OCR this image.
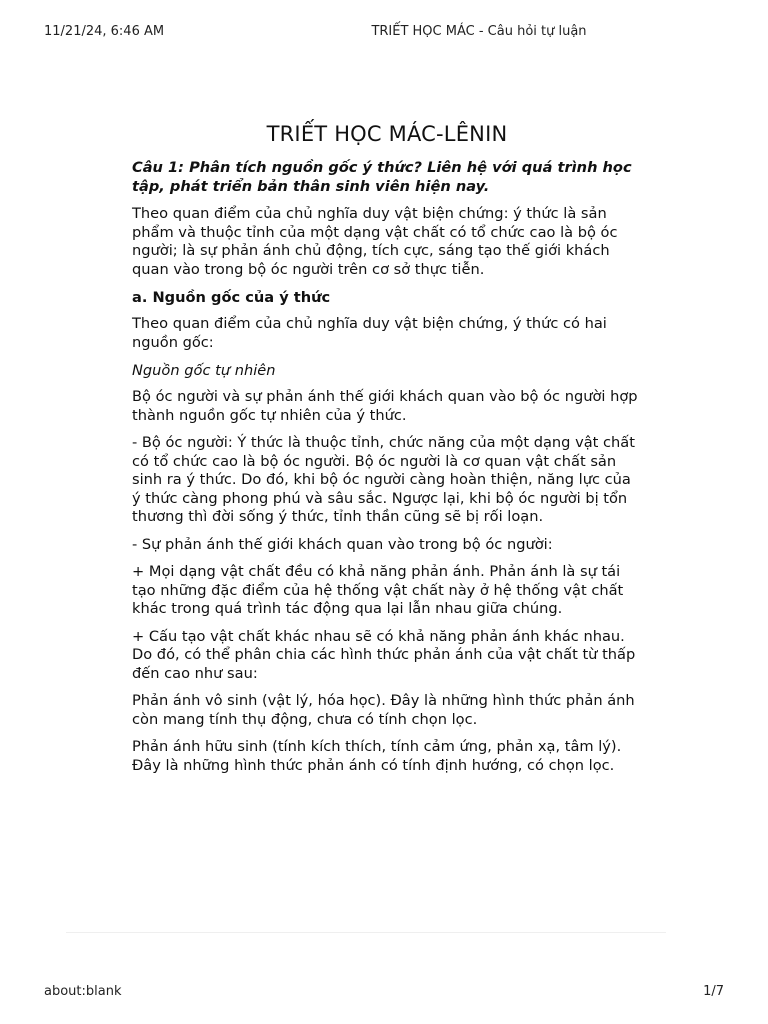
11/21/24, 6:46 AM	TRIẾT HỌC MÁC - Câu hỏi tự luận
TRIẾT HỌC MÁC-LÊNIN
Câu 1: Phân tích nguồn gốc ý thức? Liên hệ với quá trình học tập, phát triển bản thân sinh viên hiện nay.

Theo quan điểm của chủ nghĩa duy vật biện chứng: ý thức là sản phẩm và thuộc tỉnh của một dạng vật chất có tổ chức cao là bộ óc người; là sự phản ánh chủ động, tích cực, sáng tạo thế giới khách quan vào trong bộ óc người trên cơ sở thực tiễn.

a. Nguồn gốc của ý thức

Theo quan điểm của chủ nghĩa duy vật biện chứng, ý thức có hai nguồn gốc:

Nguồn gốc tự nhiên

Bộ óc người và sự phản ánh thế giới khách quan vào bộ óc người hợp thành nguồn gốc tự nhiên của ý thức.

- Bộ óc người: Ý thức là thuộc tỉnh, chức năng của một dạng vật chất có tổ chức cao là bộ óc người. Bộ óc người là cơ quan vật chất sản sinh ra ý thức. Do đó, khi bộ óc người càng hoàn thiện, năng lực của ý thức càng phong phú và sâu sắc. Ngược lại, khi bộ óc người bị tổn thương thì đời sống ý thức, tỉnh thần cũng sẽ bị rối loạn.

- Sự phản ánh thế giới khách quan vào trong bộ óc người:

+ Mọi dạng vật chất đều có khả năng phản ánh. Phản ánh là sự tái tạo những đặc điểm của hệ thống vật chất này ở hệ thống vật chất khác trong quá trình tác động qua lại lẫn nhau giữa chúng.

+ Cấu tạo vật chất khác nhau sẽ có khả năng phản ánh khác nhau. Do đó, có thể phân chia các hình thức phản ánh của vật chất từ thấp đến cao như sau:

Phản ánh vô sinh (vật lý, hóa học). Đây là những hình thức phản ánh còn mang tính thụ động, chưa có tính chọn lọc.

Phản ánh hữu sinh (tính kích thích, tính cảm ứng, phản xạ, tâm lý). Đây là những hình thức phản ánh có tính định hướng, có chọn lọc.

about:blank	1/7
